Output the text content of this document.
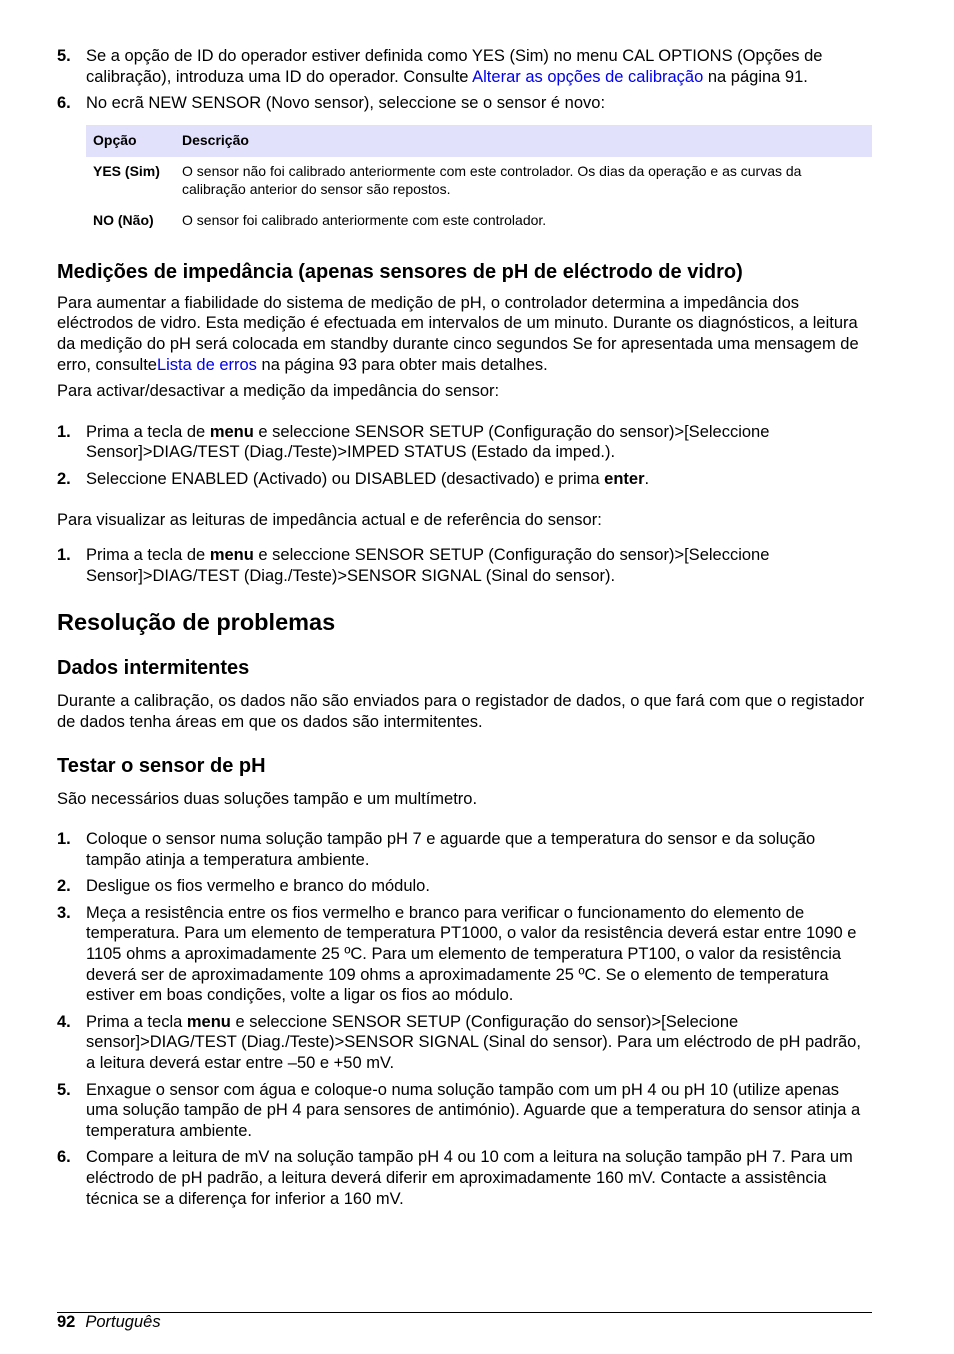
5. Se a opção de ID do operador estiver definida como YES (Sim) no menu CAL OPTIONS (Opções de calibração), introduza uma ID do operador. Consulte Alterar as opções de calibração na página 91.
6. No ecrã NEW SENSOR (Novo sensor), seleccione se o sensor é novo:
Opção	Descrição
YES (Sim)	O sensor não foi calibrado anteriormente com este controlador. Os dias da operação e as curvas da calibração anterior do sensor são repostos.
NO (Não)	O sensor foi calibrado anteriormente com este controlador.
Medições de impedância (apenas sensores de pH de eléctrodo de vidro)

Para aumentar a fiabilidade do sistema de medição de pH, o controlador determina a impedância dos eléctrodos de vidro. Esta medição é efectuada em intervalos de um minuto. Durante os diagnósticos, a leitura da medição do pH será colocada em standby durante cinco segundos Se for apresentada uma mensagem de erro, consulteLista de erros na página 93 para obter mais detalhes.

Para activar/desactivar a medição da impedância do sensor:

1. Prima a tecla de menu e seleccione SENSOR SETUP (Configuração do sensor)>[Seleccione Sensor]>DIAG/TEST (Diag./Teste)>IMPED STATUS (Estado da imped.).
2. Seleccione ENABLED (Activado) ou DISABLED (desactivado) e prima enter.

Para visualizar as leituras de impedância actual e de referência do sensor:

1. Prima a tecla de menu e seleccione SENSOR SETUP (Configuração do sensor)>[Seleccione Sensor]>DIAG/TEST (Diag./Teste)>SENSOR SIGNAL (Sinal do sensor).
Resolução de problemas
Dados intermitentes

Durante a calibração, os dados não são enviados para o registador de dados, o que fará com que o registador de dados tenha áreas em que os dados são intermitentes.

Testar o sensor de pH

São necessários duas soluções tampão e um multímetro.

1. Coloque o sensor numa solução tampão pH 7 e aguarde que a temperatura do sensor e da solução tampão atinja a temperatura ambiente.
2. Desligue os fios vermelho e branco do módulo.
3. Meça a resistência entre os fios vermelho e branco para verificar o funcionamento do elemento de temperatura. Para um elemento de temperatura PT1000, o valor da resistência deverá estar entre 1090 e 1105 ohms a aproximadamente 25 ºC. Para um elemento de temperatura PT100, o valor da resistência deverá ser de aproximadamente 109 ohms a aproximadamente 25 ºC. Se o elemento de temperatura estiver em boas condições, volte a ligar os fios ao módulo.
4. Prima a tecla menu e seleccione SENSOR SETUP (Configuração do sensor)>[Selecione sensor]>DIAG/TEST (Diag./Teste)>SENSOR SIGNAL (Sinal do sensor). Para um eléctrodo de pH padrão, a leitura deverá estar entre –50 e +50 mV.
5. Enxague o sensor com água e coloque-o numa solução tampão com um pH 4 ou pH 10 (utilize apenas uma solução tampão de pH 4 para sensores de antimónio). Aguarde que a temperatura do sensor atinja a temperatura ambiente.
6. Compare a leitura de mV na solução tampão pH 4 ou 10 com a leitura na solução tampão pH 7. Para um eléctrodo de pH padrão, a leitura deverá diferir em aproximadamente 160 mV. Contacte a assistência técnica se a diferença for inferior a 160 mV.
92 Português
